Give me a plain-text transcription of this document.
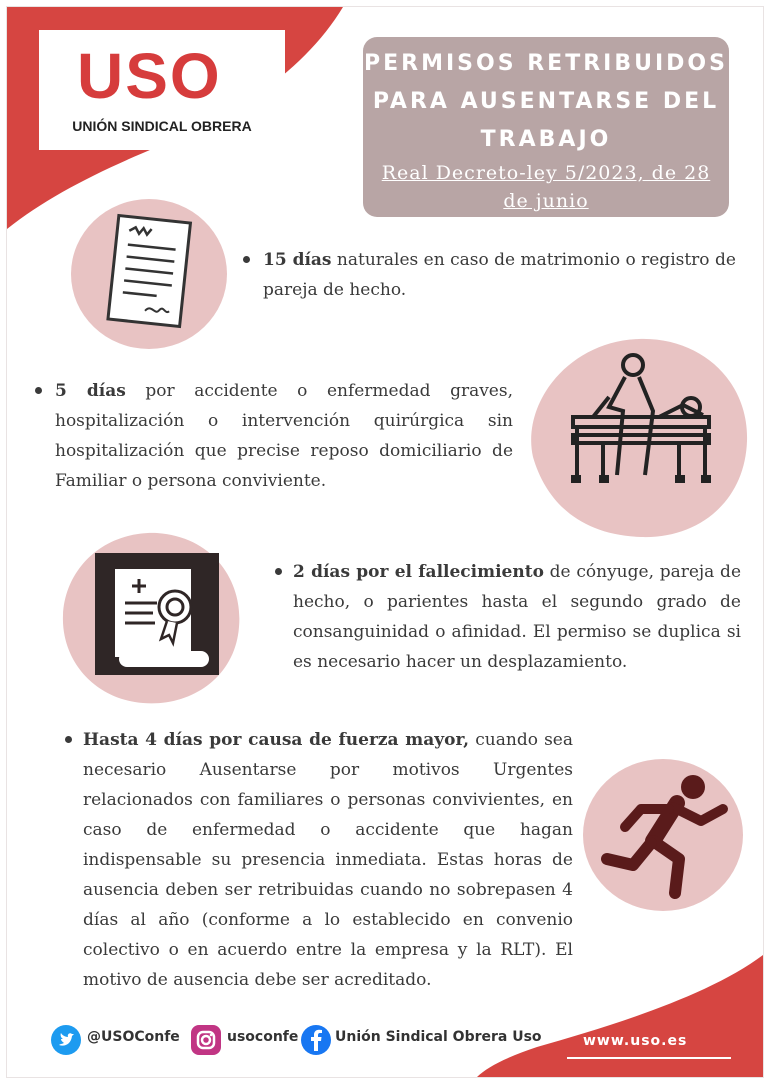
USO
UNIÓN SINDICAL OBRERA
PERMISOS RETRIBUIDOS PARA AUSENTARSE DEL TRABAJO
Real Decreto-ley 5/2023, de 28 de junio
15 días naturales en caso de matrimonio o registro de pareja de hecho.
5 días por accidente o enfermedad graves, hospitalización o intervención quirúrgica sin hospitalización que precise reposo domiciliario de Familiar o persona conviviente.
2 días por el fallecimiento de cónyuge, pareja de hecho, o parientes hasta el segundo grado de consanguinidad o afinidad. El permiso se duplica si es necesario hacer un desplazamiento.
Hasta 4 días por causa de fuerza mayor, cuando sea necesario Ausentarse por motivos Urgentes relacionados con familiares o personas convivientes, en caso de enfermedad o accidente que hagan indispensable su presencia inmediata. Estas horas de ausencia deben ser retribuidas cuando no sobrepasen 4 días al año (conforme a lo establecido en convenio colectivo o en acuerdo entre la empresa y la RLT). El motivo de ausencia debe ser acreditado.
@USOConfe	usoconfe	Unión Sindical Obrera Uso	www.uso.es
